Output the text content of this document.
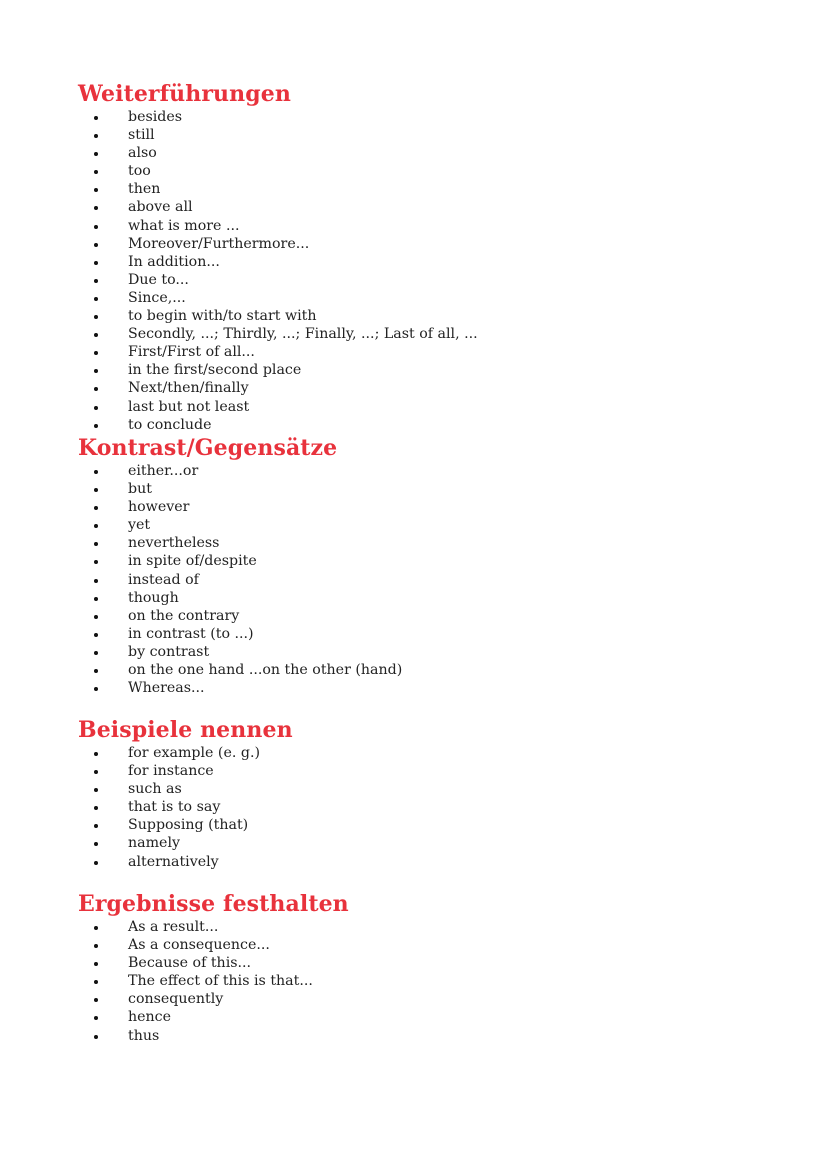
Weiterführungen
besides
still
also
too
then
above all
what is more ...
Moreover/Furthermore...
In addition...
Due to...
Since,...
to begin with/to start with
Secondly, ...; Thirdly, ...; Finally, ...; Last of all, ...
First/First of all...
in the first/second place
Next/then/finally
last but not least
to conclude
Kontrast/Gegensätze
either...or
but
however
yet
nevertheless
in spite of/despite
instead of
though
on the contrary
in contrast (to ...)
by contrast
on the one hand ...on the other (hand)
Whereas...
Beispiele nennen
for example (e. g.)
for instance
such as
that is to say
Supposing (that)
namely
alternatively
Ergebnisse festhalten
As a result...
As a consequence...
Because of this...
The effect of this is that...
consequently
hence
thus
